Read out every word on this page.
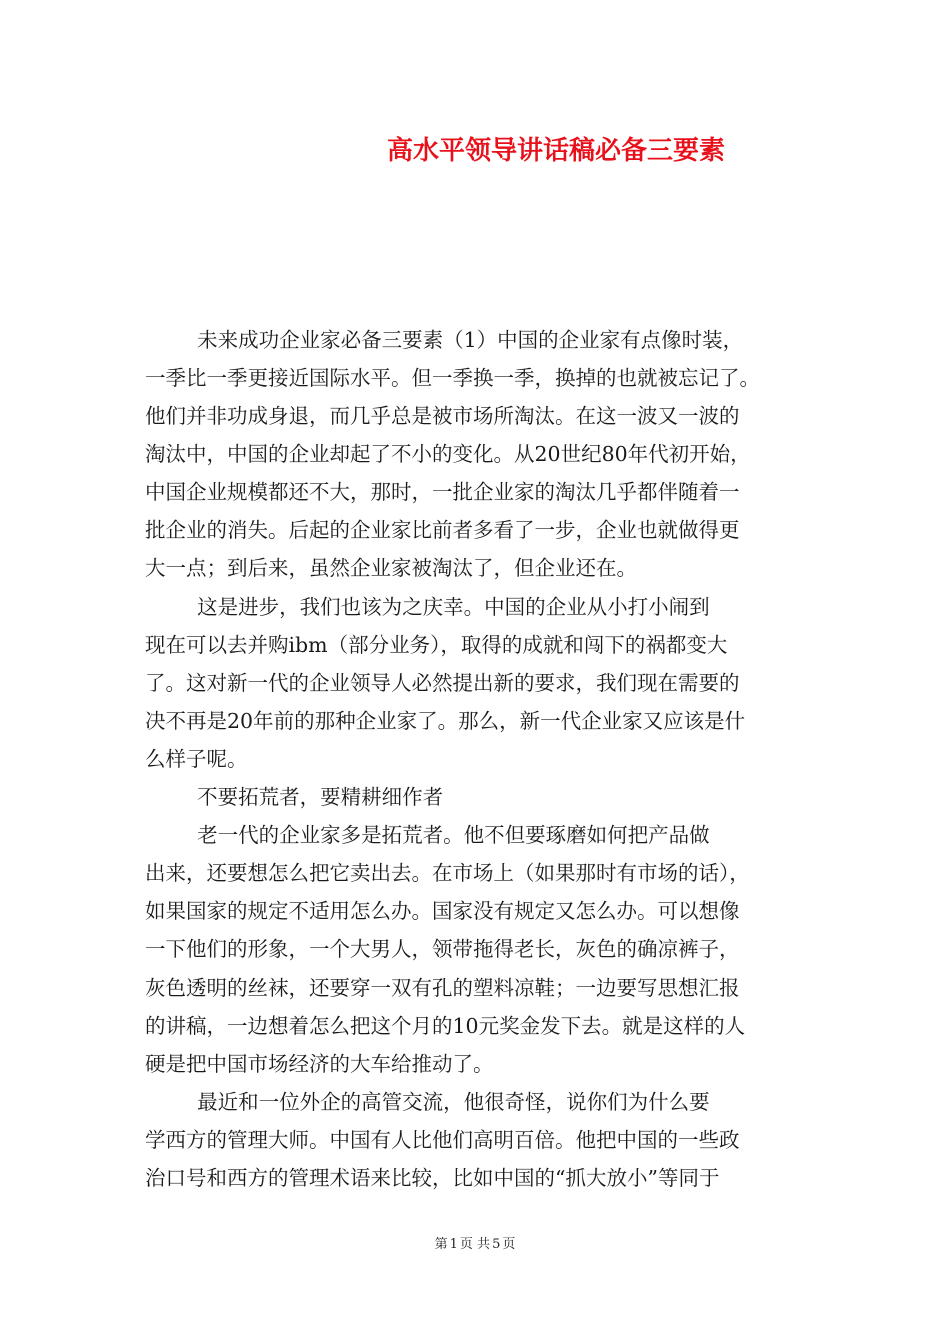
高水平领导讲话稿必备三要素

未来成功企业家必备三要素（1）中国的企业家有点像时装，

一季比一季更接近国际水平。但一季换一季，换掉的也就被忘记了。

他们并非功成身退，而几乎总是被市场所淘汰。在这一波又一波的

淘汰中，中国的企业却起了不小的变化。从20世纪80年代初开始，

中国企业规模都还不大，那时，一批企业家的淘汰几乎都伴随着一

批企业的消失。后起的企业家比前者多看了一步，企业也就做得更

大一点；到后来，虽然企业家被淘汰了，但企业还在。

这是进步，我们也该为之庆幸。中国的企业从小打小闹到

现在可以去并购ibm（部分业务），取得的成就和闯下的祸都变大

了。这对新一代的企业领导人必然提出新的要求，我们现在需要的

决不再是20年前的那种企业家了。那么，新一代企业家又应该是什

么样子呢。

不要拓荒者，要精耕细作者

老一代的企业家多是拓荒者。他不但要琢磨如何把产品做

出来，还要想怎么把它卖出去。在市场上（如果那时有市场的话），

如果国家的规定不适用怎么办。国家没有规定又怎么办。可以想像

一下他们的形象，一个大男人，领带拖得老长，灰色的确凉裤子，

灰色透明的丝袜，还要穿一双有孔的塑料凉鞋；一边要写思想汇报

的讲稿，一边想着怎么把这个月的10元奖金发下去。就是这样的人

硬是把中国市场经济的大车给推动了。

最近和一位外企的高管交流，他很奇怪，说你们为什么要

学西方的管理大师。中国有人比他们高明百倍。他把中国的一些政

治口号和西方的管理术语来比较，比如中国的“抓大放小”等同于

第 1 页 共 5 页
